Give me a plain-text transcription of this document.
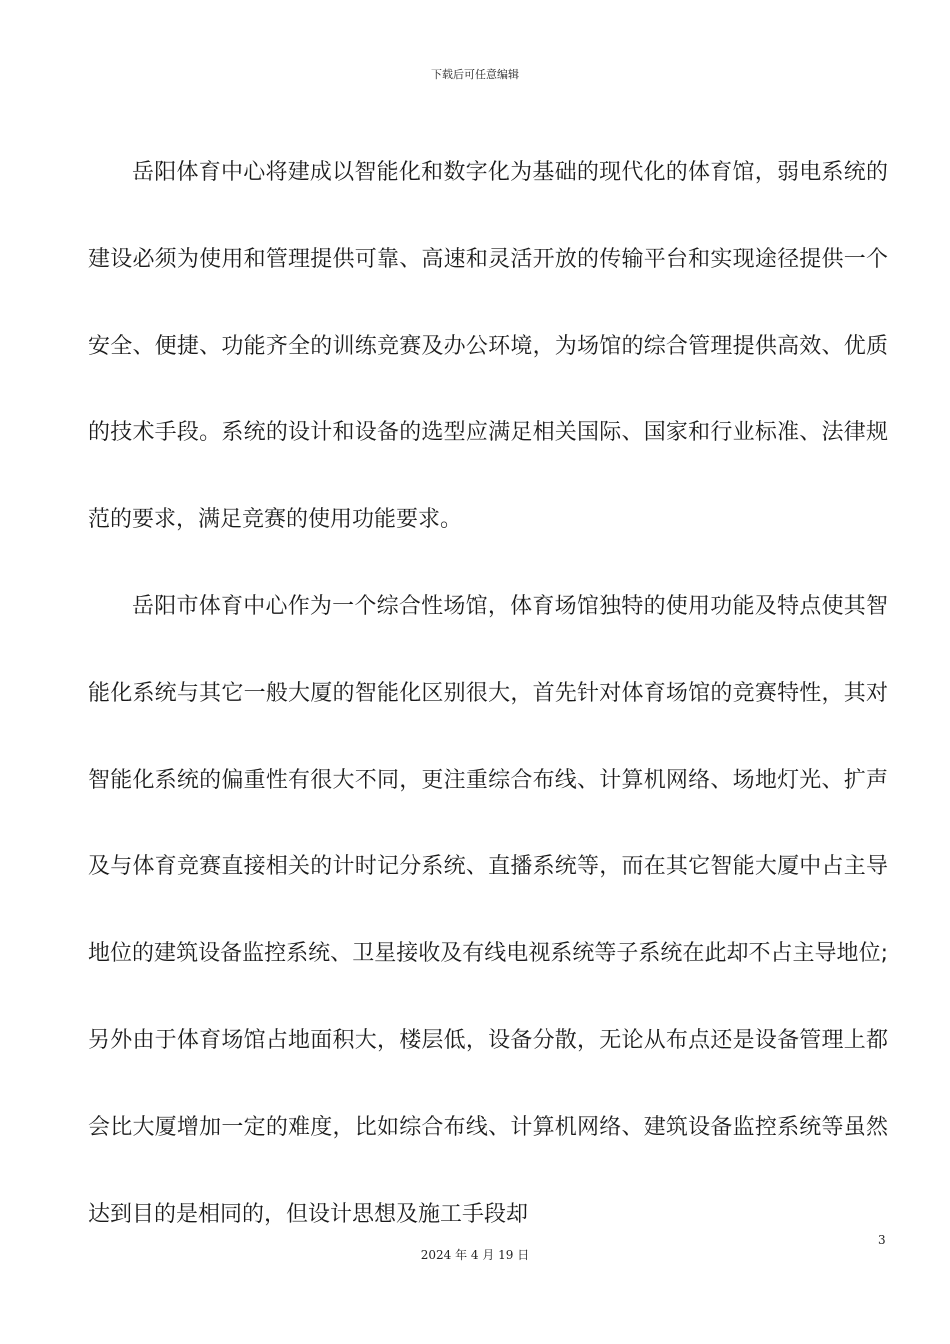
下载后可任意编辑

岳阳体育中心将建成以智能化和数字化为基础的现代化的体育馆，弱电系统的建设必须为使用和管理提供可靠、高速和灵活开放的传输平台和实现途径提供一个安全、便捷、功能齐全的训练竞赛及办公环境，为场馆的综合管理提供高效、优质的技术手段。系统的设计和设备的选型应满足相关国际、国家和行业标准、法律规范的要求，满足竞赛的使用功能要求。

岳阳市体育中心作为一个综合性场馆，体育场馆独特的使用功能及特点使其智能化系统与其它一般大厦的智能化区别很大，首先针对体育场馆的竞赛特性，其对智能化系统的偏重性有很大不同，更注重综合布线、计算机网络、场地灯光、扩声及与体育竞赛直接相关的计时记分系统、直播系统等，而在其它智能大厦中占主导地位的建筑设备监控系统、卫星接收及有线电视系统等子系统在此却不占主导地位;另外由于体育场馆占地面积大，楼层低，设备分散，无论从布点还是设备管理上都会比大厦增加一定的难度，比如综合布线、计算机网络、建筑设备监控系统等虽然达到目的是相同的，但设计思想及施工手段却

3
2024 年 4 月 19 日
